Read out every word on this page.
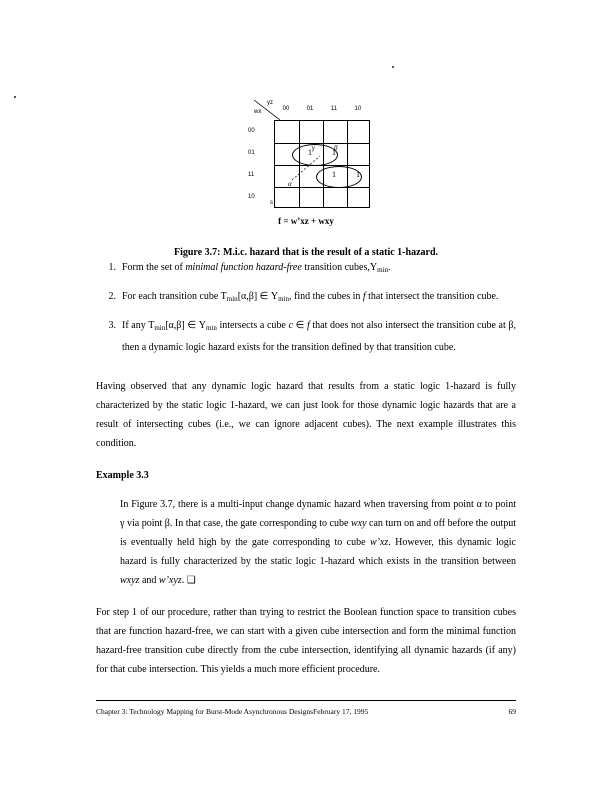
yz
wx	00	01	11	10
00
01
11
10
1	1
1	1
α
γ	β
s
f = w’xz + wxy
Figure 3.7: M.i.c. hazard that is the result of a static 1-hazard.
1. Form the set of minimal function hazard-free transition $cubes,\Upsilon_{min}$.
2. For each transition cube $T_{min}[\alpha,\beta]$ ∈ $\Upsilon_{min}$, find the cubes in f that intersect the transition cube.
3. If any $T_{min}[\alpha,\beta]$ ∈ $\Upsilon_{min}$ intersects a cube c ∈ f that does not also intersect the transition cube at β, then a dynamic logic hazard exists for the transition defined by that transition cube.

Having observed that any dynamic logic hazard that results from a static logic 1-hazard is fully characterized by the static logic 1-hazard, we can just look for those dynamic logic hazards that are a result of intersecting cubes (i.e., we can ignore adjacent cubes). The next example illustrates this condition.

Example 3.3

In Figure 3.7, there is a multi-input change dynamic hazard when traversing from point α to point γ via point β. In that case, the gate corresponding to cube wxy can turn on and off before the output is eventually held high by the gate corresponding to cube w’xz. However, this dynamic logic hazard is fully characterized by the static logic 1-hazard which exists in the transition between wxyz and w’xyz. ❑

For step 1 of our procedure, rather than trying to restrict the Boolean function space to transition cubes that are function hazard-free, we can start with a given cube intersection and form the minimal function hazard-free transition cube directly from the cube intersection, identifying all dynamic hazards (if any) for that cube intersection. This yields a much more efficient procedure.

Chapter 3: Technology Mapping for Burst-Mode Asynchronous DesignsFebruary 17, 1995	69
